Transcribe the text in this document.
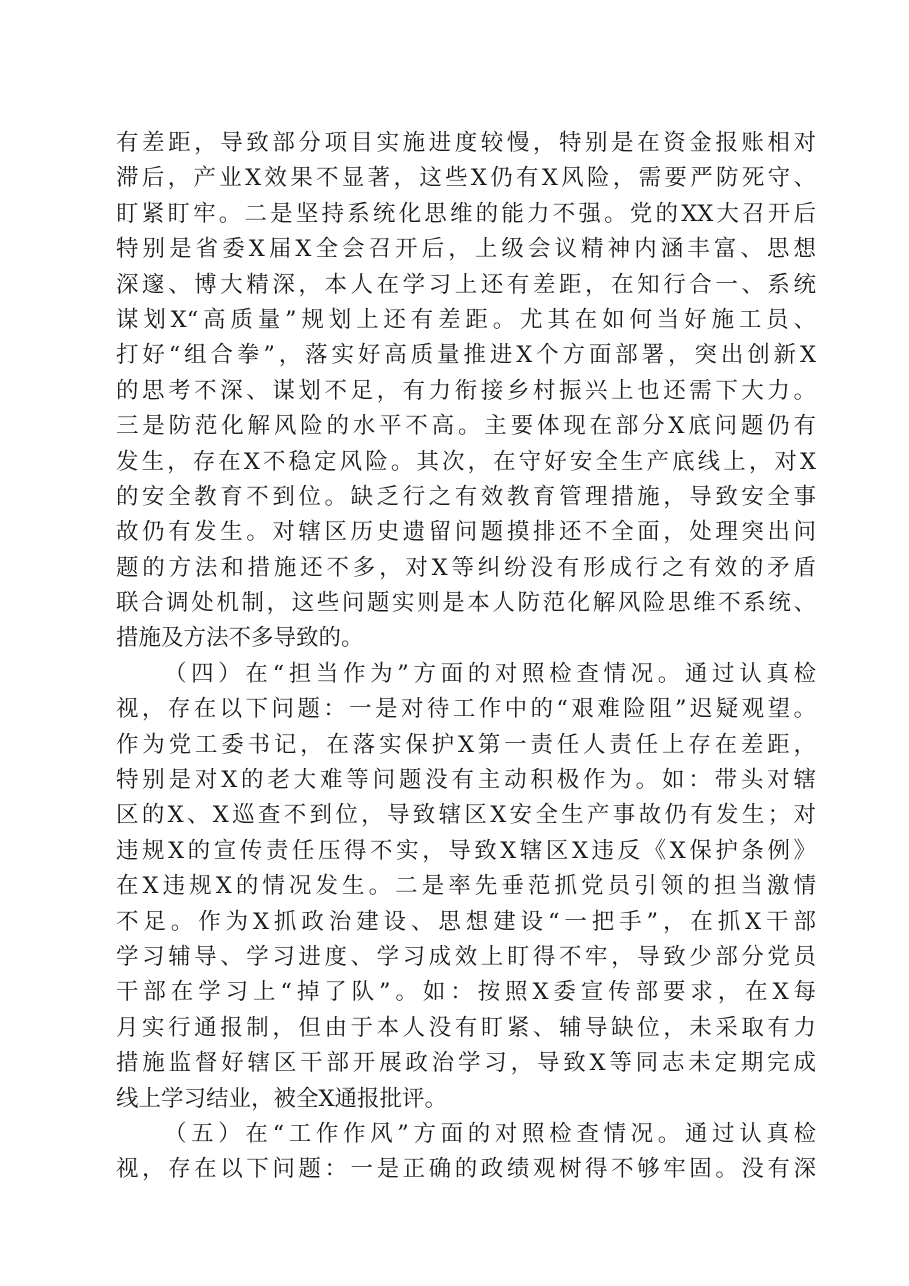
有差距，导致部分项目实施进度较慢，特别是在资金报账相对
滞后，产业X效果不显著，这些X仍有X风险，需要严防死守、
盯紧盯牢。二是坚持系统化思维的能力不强。党的XX大召开后
特别是省委X届X全会召开后，上级会议精神内涵丰富、思想
深邃、博大精深，本人在学习上还有差距，在知行合一、系统
谋划X“高质量”规划上还有差距。尤其在如何当好施工员、
打好“组合拳”，落实好高质量推进X个方面部署，突出创新X
的思考不深、谋划不足，有力衔接乡村振兴上也还需下大力。
三是防范化解风险的水平不高。主要体现在部分X底问题仍有
发生，存在X不稳定风险。其次，在守好安全生产底线上，对X
的安全教育不到位。缺乏行之有效教育管理措施，导致安全事
故仍有发生。对辖区历史遗留问题摸排还不全面，处理突出问
题的方法和措施还不多，对X等纠纷没有形成行之有效的矛盾
联合调处机制，这些问题实则是本人防范化解风险思维不系统、
措施及方法不多导致的。
（四）在“担当作为”方面的对照检查情况。通过认真检
视，存在以下问题：一是对待工作中的“艰难险阻”迟疑观望。
作为党工委书记，在落实保护X第一责任人责任上存在差距，
特别是对X的老大难等问题没有主动积极作为。如：带头对辖
区的X、X巡查不到位，导致辖区X安全生产事故仍有发生；对
违规X的宣传责任压得不实，导致X辖区X违反《X保护条例》
在X违规X的情况发生。二是率先垂范抓党员引领的担当激情
不足。作为X抓政治建设、思想建设“一把手”，在抓X干部
学习辅导、学习进度、学习成效上盯得不牢，导致少部分党员
干部在学习上“掉了队”。如：按照X委宣传部要求，在X每
月实行通报制，但由于本人没有盯紧、辅导缺位，未采取有力
措施监督好辖区干部开展政治学习，导致X等同志未定期完成
线上学习结业，被全X通报批评。
（五）在“工作作风”方面的对照检查情况。通过认真检
视，存在以下问题：一是正确的政绩观树得不够牢固。没有深
